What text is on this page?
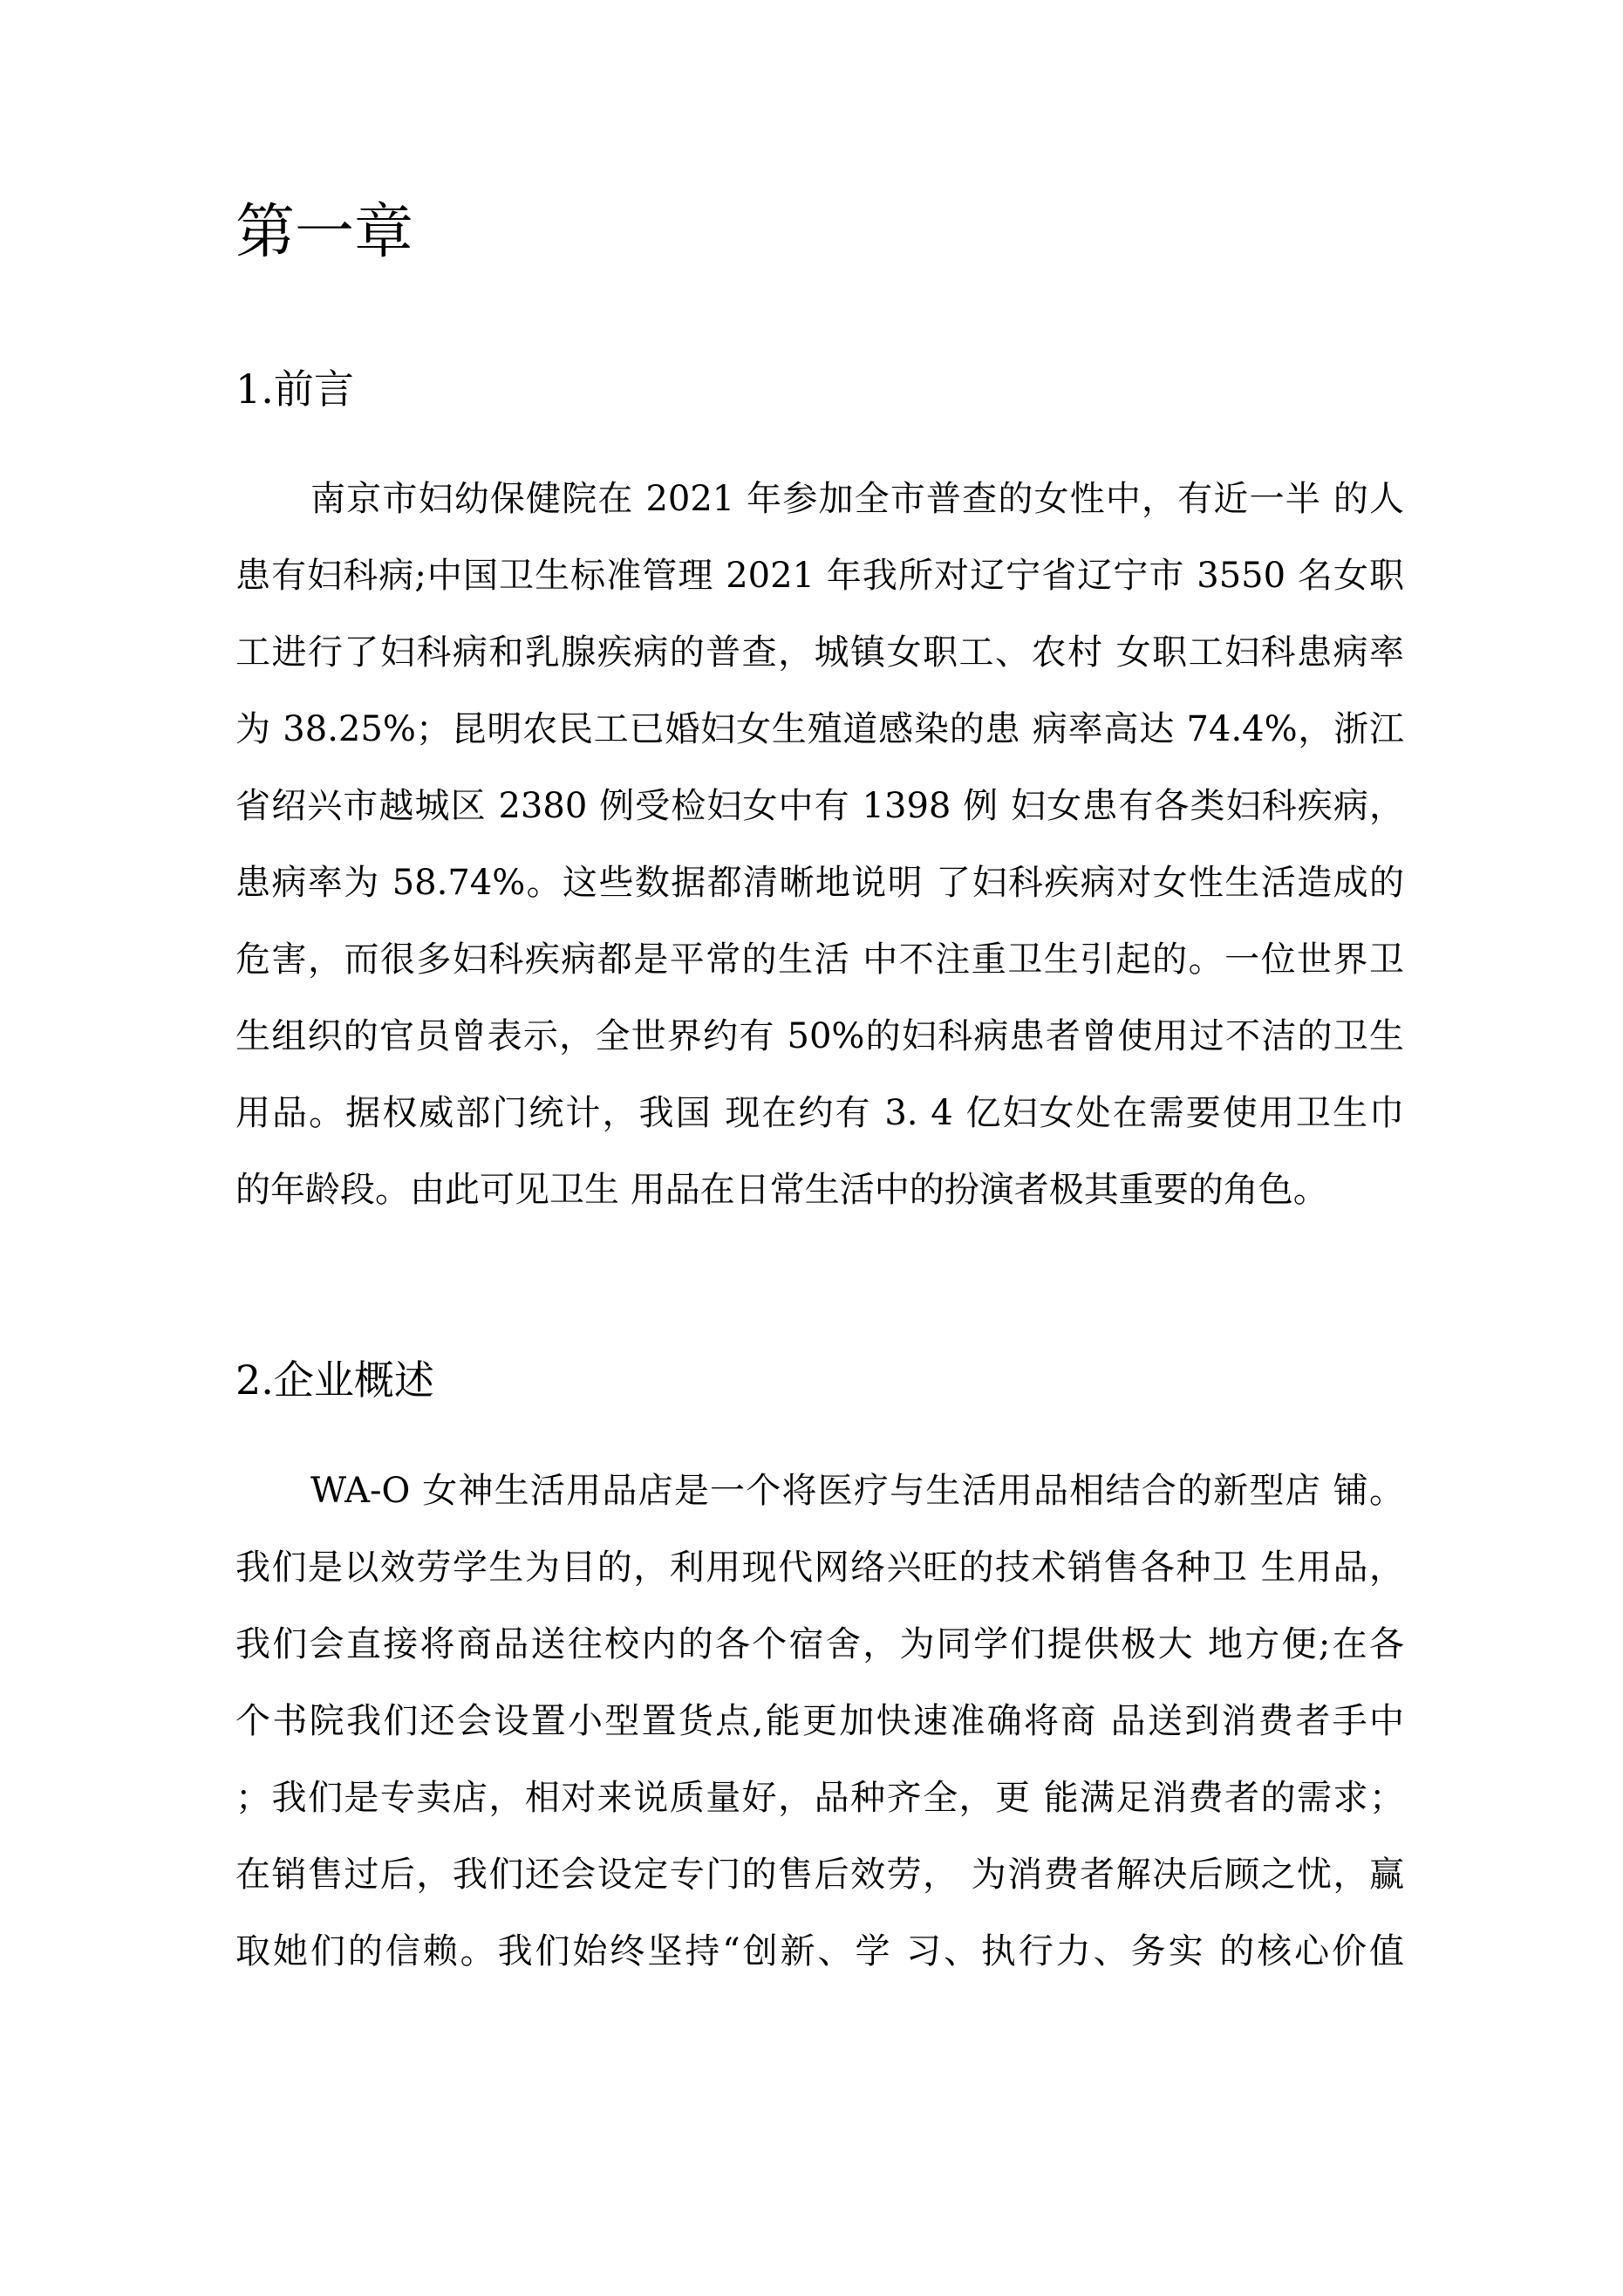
第一章
1.前言
南京市妇幼保健院在 2021 年参加全市普查的女性中，有近一半 的人
患有妇科病;中国卫生标准管理 2021 年我所对辽宁省辽宁市 3550 名女职
工进行了妇科病和乳腺疾病的普查，城镇女职工、农村 女职工妇科患病率
为 38.25%；昆明农民工已婚妇女生殖道感染的患 病率高达 74.4%，浙江
省绍兴市越城区 2380 例受检妇女中有 1398 例 妇女患有各类妇科疾病，
患病率为 58.74%。这些数据都清晰地说明 了妇科疾病对女性生活造成的
危害，而很多妇科疾病都是平常的生活 中不注重卫生引起的。一位世界卫
生组织的官员曾表示，全世界约有 50%的妇科病患者曾使用过不洁的卫生
用品。据权威部门统计，我国 现在约有 3. 4 亿妇女处在需要使用卫生巾
的年龄段。由此可见卫生 用品在日常生活中的扮演者极其重要的角色。
2.企业概述
WA-O 女神生活用品店是一个将医疗与生活用品相结合的新型店 铺。
我们是以效劳学生为目的，利用现代网络兴旺的技术销售各种卫 生用品，
我们会直接将商品送往校内的各个宿舍，为同学们提供极大 地方便;在各
个书院我们还会设置小型置货点,能更加快速准确将商 品送到消费者手中
；我们是专卖店，相对来说质量好，品种齐全，更 能满足消费者的需求；
在销售过后，我们还会设定专门的售后效劳， 为消费者解决后顾之忧，赢
取她们的信赖。我们始终坚持“创新、学 习、执行力、务实 的核心价值
